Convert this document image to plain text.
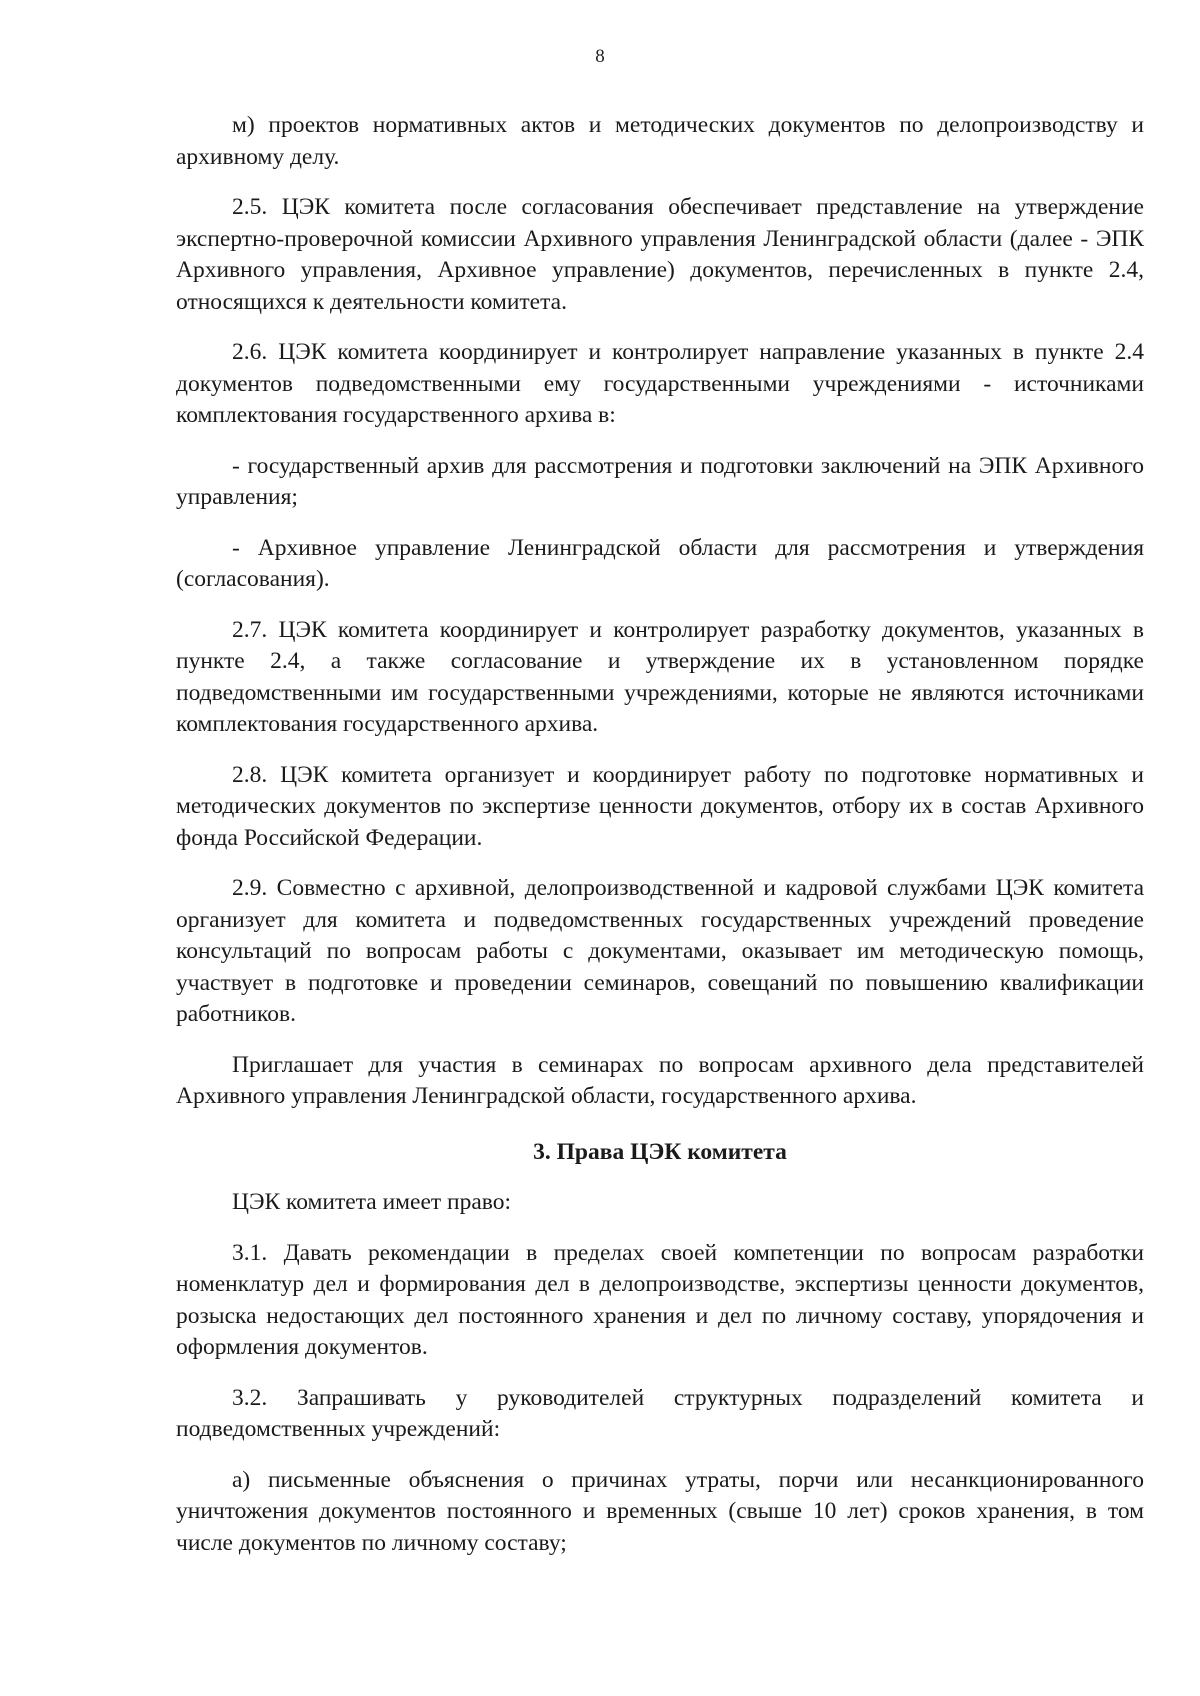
8

м) проектов нормативных актов и методических документов по делопроизводству и архивному делу.

2.5. ЦЭК комитета после согласования обеспечивает представление на утверждение экспертно-проверочной комиссии Архивного управления Ленинградской области (далее - ЭПК Архивного управления, Архивное управление) документов, перечисленных в пункте 2.4, относящихся к деятельности комитета.

2.6. ЦЭК комитета координирует и контролирует направление указанных в пункте 2.4 документов подведомственными ему государственными учреждениями - источниками комплектования государственного архива в:

- государственный архив для рассмотрения и подготовки заключений на ЭПК Архивного управления;

- Архивное управление Ленинградской области для рассмотрения и утверждения (согласования).

2.7. ЦЭК комитета координирует и контролирует разработку документов, указанных в пункте 2.4, а также согласование и утверждение их в установленном порядке подведомственными им государственными учреждениями, которые не являются источниками комплектования государственного архива.

2.8. ЦЭК комитета организует и координирует работу по подготовке нормативных и методических документов по экспертизе ценности документов, отбору их в состав Архивного фонда Российской Федерации.

2.9. Совместно с архивной, делопроизводственной и кадровой службами ЦЭК комитета организует для комитета и подведомственных государственных учреждений проведение консультаций по вопросам работы с документами, оказывает им методическую помощь, участвует в подготовке и проведении семинаров, совещаний по повышению квалификации работников.

Приглашает для участия в семинарах по вопросам архивного дела представителей Архивного управления Ленинградской области, государственного архива.

3. Права ЦЭК комитета

ЦЭК комитета имеет право:

3.1. Давать рекомендации в пределах своей компетенции по вопросам разработки номенклатур дел и формирования дел в делопроизводстве, экспертизы ценности документов, розыска недостающих дел постоянного хранения и дел по личному составу, упорядочения и оформления документов.

3.2. Запрашивать у руководителей структурных подразделений комитета и подведомственных учреждений:

а) письменные объяснения о причинах утраты, порчи или несанкционированного уничтожения документов постоянного и временных (свыше 10 лет) сроков хранения, в том числе документов по личному составу;
